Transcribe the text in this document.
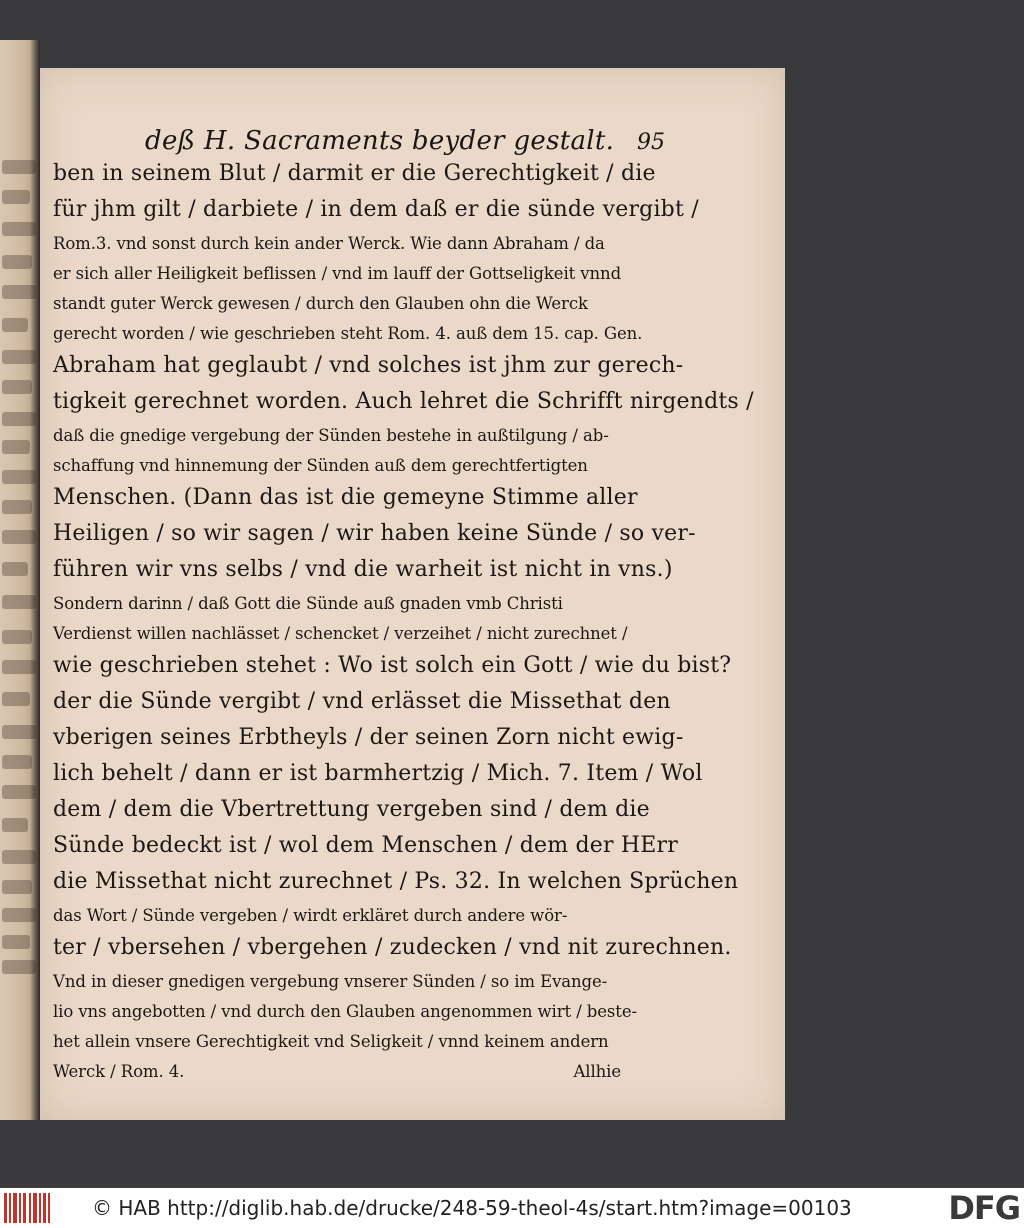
deß H. Sacraments beyder gestalt. 95
ben in seinem Blut / darmit er die Gerechtigkeit / die
für jhm gilt / darbiete / in dem daß er die sünde vergibt /
Rom.3. vnd sonst durch kein ander Werck. Wie dann Abraham / da
er sich aller Heiligkeit beflissen / vnd im lauff der Gottseligkeit vnnd
standt guter Werck gewesen / durch den Glauben ohn die Werck
gerecht worden / wie geschrieben steht Rom. 4. auß dem 15. cap. Gen.
Abraham hat geglaubt / vnd solches ist jhm zur gerech-
tigkeit gerechnet worden. Auch lehret die Schrifft nirgendts /
daß die gnedige vergebung der Sünden bestehe in außtilgung / ab-
schaffung vnd hinnemung der Sünden auß dem gerechtfertigten
Menschen. (Dann das ist die gemeyne Stimme aller
Heiligen / so wir sagen / wir haben keine Sünde / so ver-
führen wir vns selbs / vnd die warheit ist nicht in vns.)
Sondern darinn / daß Gott die Sünde auß gnaden vmb Christi
Verdienst willen nachlässet / schencket / verzeihet / nicht zurechnet /
wie geschrieben stehet : Wo ist solch ein Gott / wie du bist?
der die Sünde vergibt / vnd erlässet die Missethat den
vberigen seines Erbtheyls / der seinen Zorn nicht ewig-
lich behelt / dann er ist barmhertzig / Mich. 7. Item / Wol
dem / dem die Vbertrettung vergeben sind / dem die
Sünde bedeckt ist / wol dem Menschen / dem der HErr
die Missethat nicht zurechnet / Ps. 32. In welchen Sprüchen
das Wort / Sünde vergeben / wirdt erkläret durch andere wör-
ter / vbersehen / vbergehen / zudecken / vnd nit zurechnen.
Vnd in dieser gnedigen vergebung vnserer Sünden / so im Evange-
lio vns angebotten / vnd durch den Glauben angenommen wirt / beste-
het allein vnsere Gerechtigkeit vnd Seligkeit / vnnd keinem andern
Werck / Rom. 4.	Allhie
© HAB http://diglib.hab.de/drucke/248-59-theol-4s/start.htm?image=00103	DFG
